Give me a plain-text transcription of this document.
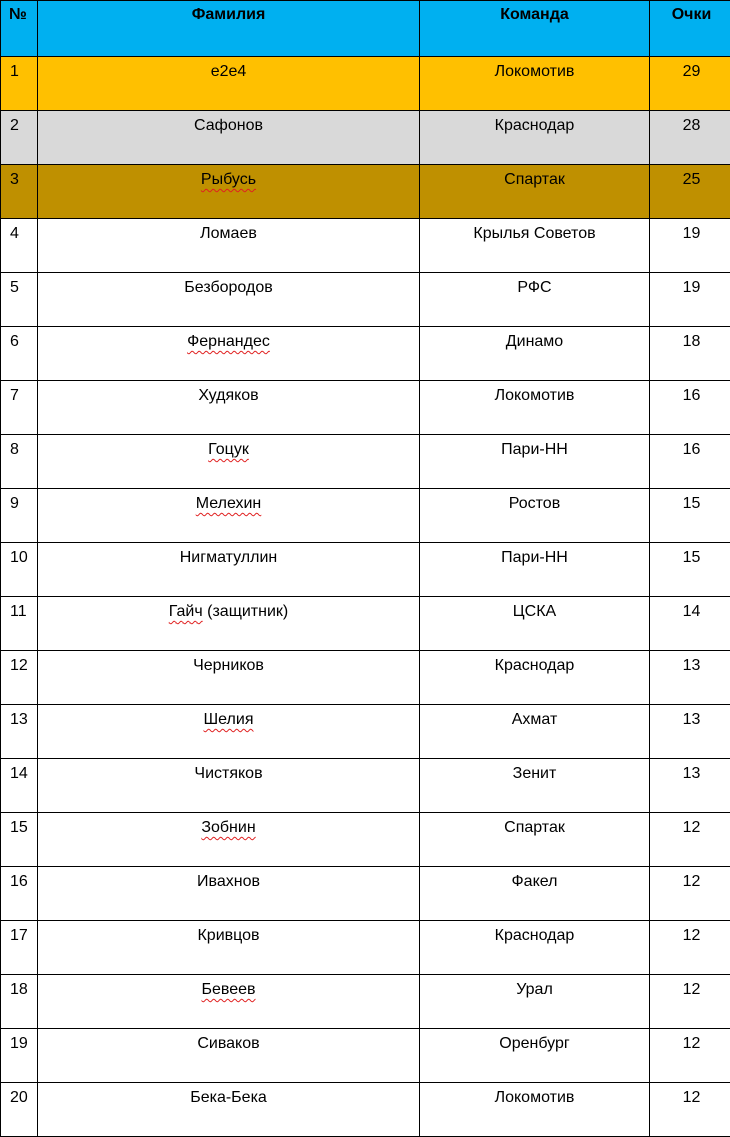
№	Фамилия	Команда	Очки

1	е2е4	Локомотив	29

2	Сафонов	Краснодар	28

3	Рыбусь	Спартак	25

4	Ломаев	Крылья Советов	19

5	Безбородов	РФС	19

6	Фернандес	Динамо	18

7	Худяков	Локомотив	16

8	Гоцук	Пари-НН	16

9	Мелехин	Ростов	15

10	Нигматуллин	Пари-НН	15

11	Гайч (защитник)	ЦСКА	14

12	Черников	Краснодар	13

13	Шелия	Ахмат	13

14	Чистяков	Зенит	13

15	Зобнин	Спартак	12

16	Ивахнов	Факел	12

17	Кривцов	Краснодар	12

18	Бевеев	Урал	12

19	Сиваков	Оренбург	12

20	Бека-Бека	Локомотив	12
